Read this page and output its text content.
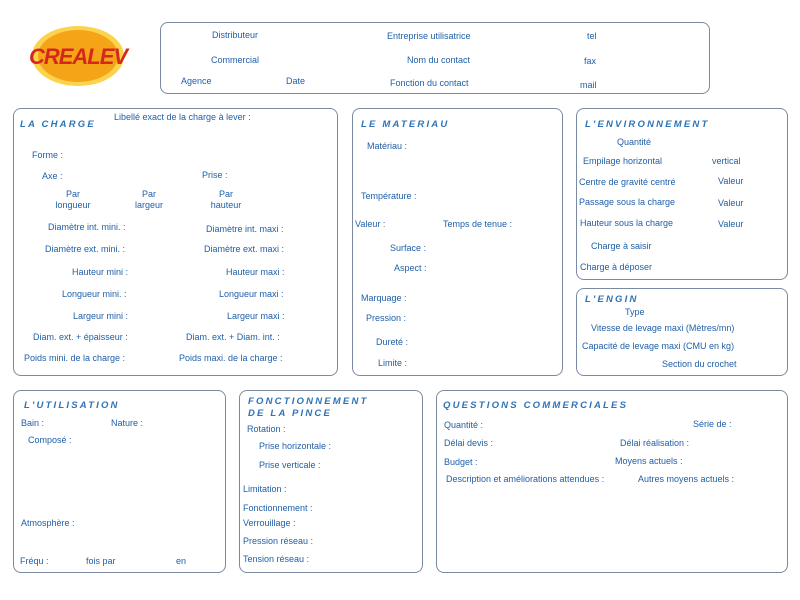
CREALEV
Distributeur
Commercial
Agence	Date
Entreprise utilisatrice
Nom du contact
Fonction du contact
tel
fax
mail
LA CHARGE
Libellé exact de la charge à lever :
Forme :
Axe :	Prise :
Par
longueur
Par
largeur
Par
hauteur
Diamètre int. mini. :	Diamètre int. maxi :
Diamètre ext. mini. :	Diamètre ext. maxi :
Hauteur mini :	Hauteur maxi :
Longueur mini. :	Longueur maxi :
Largeur mini :	Largeur maxi :
Diam. ext. + épaisseur :	Diam. ext. + Diam. int. :
Poids mini. de la charge :	Poids maxi. de la charge :
LE MATERIAU
Matériau :
Température :
Valeur :	Temps de tenue :
Surface :
Aspect :
Marquage :
Pression :
Dureté :
Limite :
L'ENVIRONNEMENT
Quantité
Empilage horizontal	vertical
Centre de gravité centré	Valeur
Passage sous la charge	Valeur
Hauteur sous la charge	Valeur
Charge à saisir
Charge à déposer
L'ENGIN
Type
Vitesse de levage maxi (Mètres/mn)
Capacité de levage maxi (CMU en kg)
Section du crochet
L'UTILISATION
Bain :	Nature :
Composé :
Atmosphère :
Fréqu :	fois par	en
FONCTIONNEMENT
DE LA PINCE
Rotation :
Prise horizontale :
Prise verticale :
Limitation :
Fonctionnement :
Verrouillage :
Pression réseau :
Tension réseau :
QUESTIONS COMMERCIALES
Quantité :	Série de :
Délai devis :	Délai réalisation :
Budget :	Moyens actuels :
Description et améliorations attendues :	Autres moyens actuels :
